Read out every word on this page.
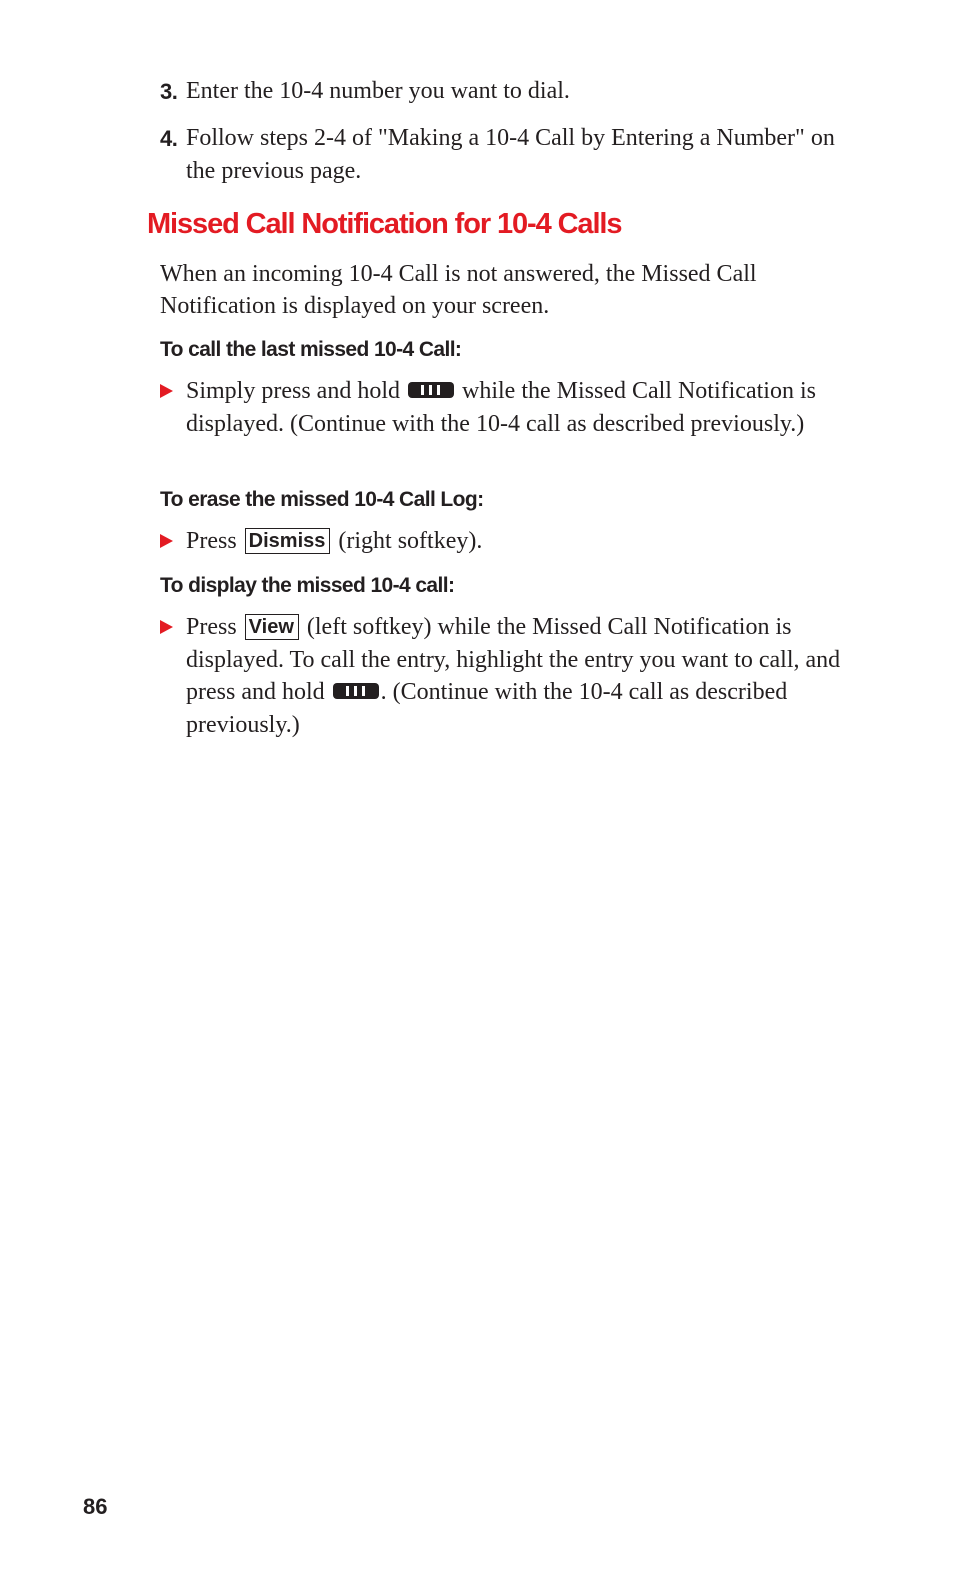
3. Enter the 10-4 number you want to dial.
4. Follow steps 2-4 of "Making a 10-4 Call by Entering a Number" on the previous page.
Missed Call Notification for 10-4 Calls
When an incoming 10-4 Call is not answered, the Missed Call Notification is displayed on your screen.
To call the last missed 10-4 Call:
Simply press and hold	while the Missed Call Notification is displayed. (Continue with the 10-4 call as described previously.)
To erase the missed 10-4 Call Log:
Press Dismiss (right softkey).
To display the missed 10-4 call:
Press View (left softkey) while the Missed Call Notification is displayed. To call the entry, highlight the entry you want to call, and press and hold . (Continue with the 10-4 call as described previously.)
86
